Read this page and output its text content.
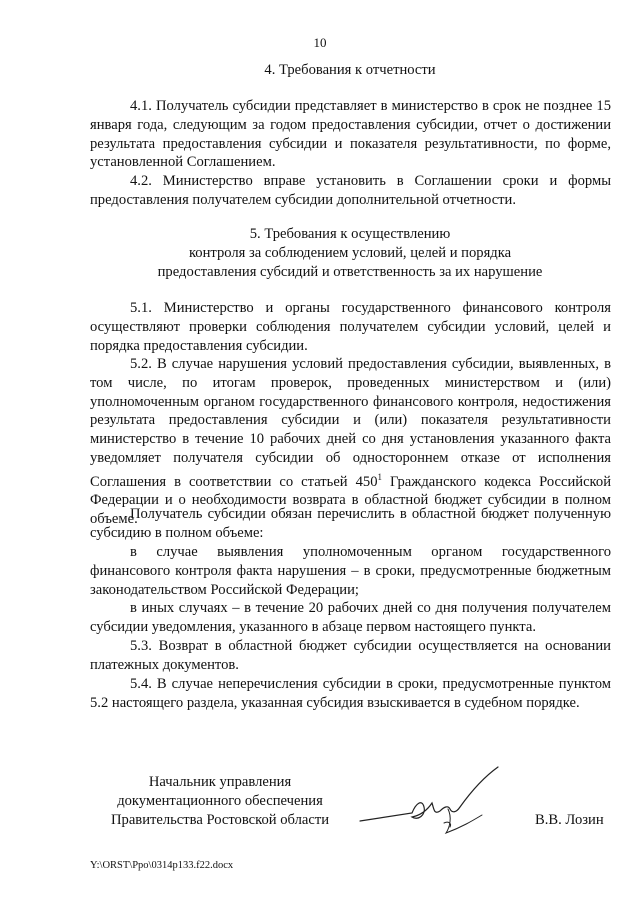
10
4. Требования к отчетности
4.1. Получатель субсидии представляет в министерство в срок не позднее 15 января года, следующим за годом предоставления субсидии, отчет о достижении результата предоставления субсидии и показателя результативности, по форме, установленной Соглашением.
4.2. Министерство вправе установить в Соглашении сроки и формы предоставления получателем субсидии дополнительной отчетности.
5. Требования к осуществлению
контроля за соблюдением условий, целей и порядка
предоставления субсидий и ответственность за их нарушение
5.1. Министерство и органы государственного финансового контроля осуществляют проверки соблюдения получателем субсидии условий, целей и порядка предоставления субсидии.
5.2. В случае нарушения условий предоставления субсидии, выявленных, в том числе, по итогам проверок, проведенных министерством и (или) уполномоченным органом государственного финансового контроля, недостижения результата предоставления субсидии и (или) показателя результативности министерство в течение 10 рабочих дней со дня установления указанного факта уведомляет получателя субсидии об одностороннем отказе от исполнения Соглашения в соответствии со статьей $450^1$ Гражданского кодекса Российской Федерации и о необходимости возврата в областной бюджет субсидии в полном объеме.
Получатель субсидии обязан перечислить в областной бюджет полученную субсидию в полном объеме:
в случае выявления уполномоченным органом государственного финансового контроля факта нарушения – в сроки, предусмотренные бюджетным законодательством Российской Федерации;
в иных случаях – в течение 20 рабочих дней со дня получения получателем субсидии уведомления, указанного в абзаце первом настоящего пункта.
5.3. Возврат в областной бюджет субсидии осуществляется на основании платежных документов.
5.4. В случае неперечисления субсидии в сроки, предусмотренные пунктом 5.2 настоящего раздела, указанная субсидия взыскивается в судебном порядке.
Начальник управления
документационного обеспечения
Правительства Ростовской области	В.В. Лозин
Y:\ORST\Ppo\0314p133.f22.docx
